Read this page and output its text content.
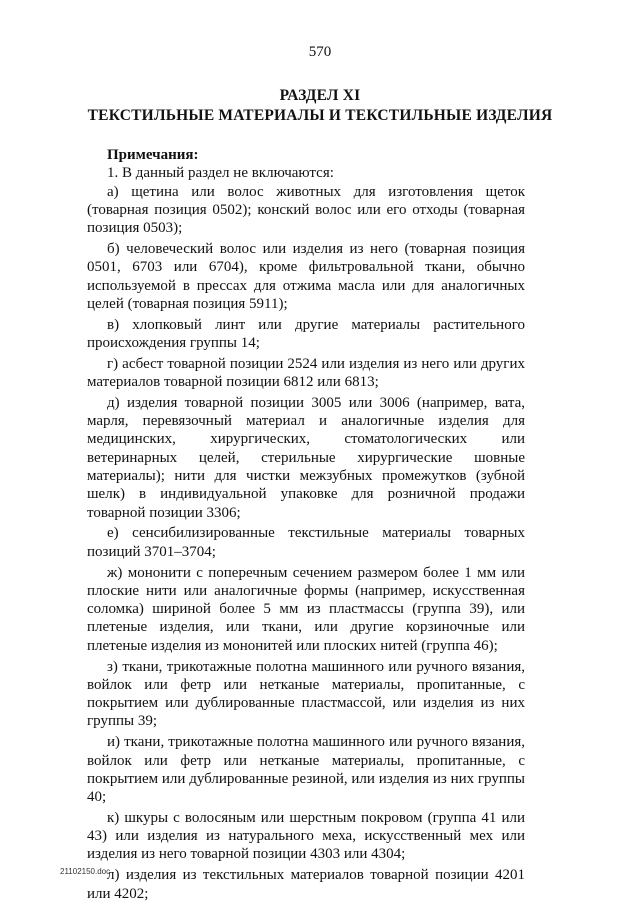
570
РАЗДЕЛ XI
ТЕКСТИЛЬНЫЕ МАТЕРИАЛЫ И ТЕКСТИЛЬНЫЕ ИЗДЕЛИЯ
Примечания:
1. В данный раздел не включаются:
а) щетина или волос животных для изготовления щеток (товарная позиция 0502); конский волос или его отходы (товарная позиция 0503);
б) человеческий волос или изделия из него (товарная позиция 0501, 6703 или 6704), кроме фильтровальной ткани, обычно используемой в прессах для отжима масла или для аналогичных целей (товарная позиция 5911);
в) хлопковый линт или другие материалы растительного происхождения группы 14;
г) асбест товарной позиции 2524 или изделия из него или других материалов товарной позиции 6812 или 6813;
д) изделия товарной позиции 3005 или 3006 (например, вата, марля, перевязочный материал и аналогичные изделия для медицинских, хирургических, стоматологических или ветеринарных целей, стерильные хирургические шовные материалы); нити для чистки межзубных промежутков (зубной шелк) в индивидуальной упаковке для розничной продажи товарной позиции 3306;
е) сенсибилизированные текстильные материалы товарных позиций 3701–3704;
ж) мононити с поперечным сечением размером более 1 мм или плоские нити или аналогичные формы (например, искусственная соломка) шириной более 5 мм из пластмассы (группа 39), или плетеные изделия, или ткани, или другие корзиночные или плетеные изделия из мононитей или плоских нитей (группа 46);
з) ткани, трикотажные полотна машинного или ручного вязания, войлок или фетр или нетканые материалы, пропитанные, с покрытием или дублированные пластмассой, или изделия из них группы 39;
и) ткани, трикотажные полотна машинного или ручного вязания, войлок или фетр или нетканые материалы, пропитанные, с покрытием или дублированные резиной, или изделия из них группы 40;
к) шкуры с волосяным или шерстным покровом (группа 41 или 43) или изделия из натурального меха, искусственный мех или изделия из него товарной позиции 4303 или 4304;
л) изделия из текстильных материалов товарной позиции 4201 или 4202;
21102150.doc
